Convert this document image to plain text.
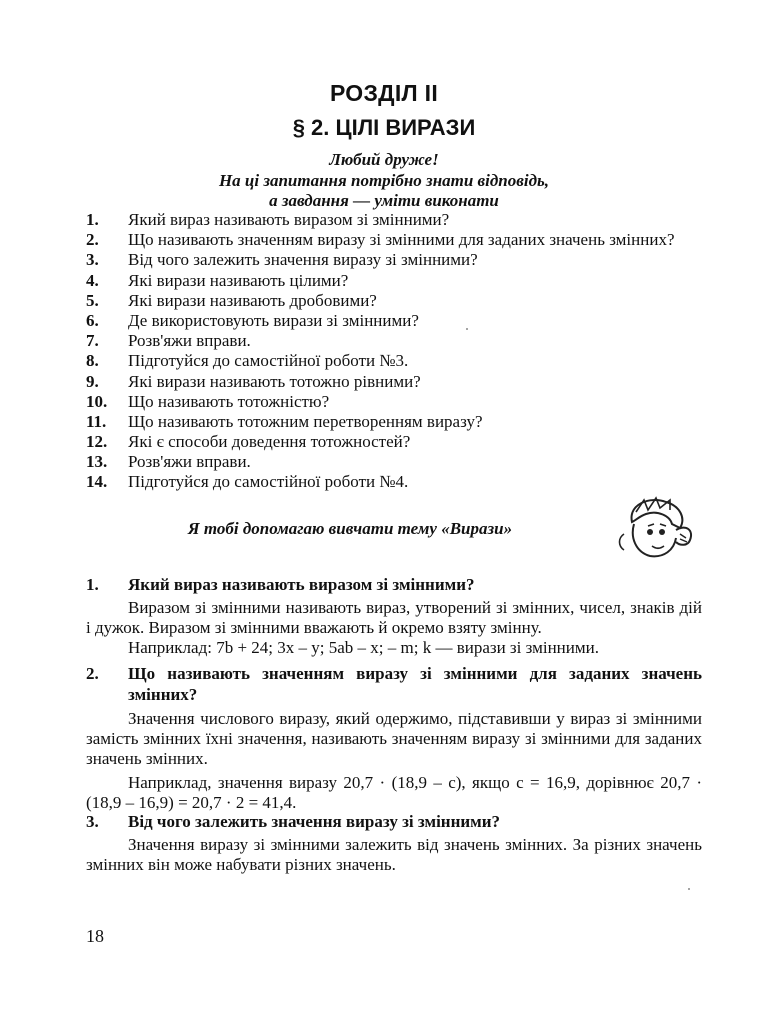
РОЗДІЛ ІІ
§ 2. ЦІЛІ ВИРАЗИ
Любий друже!
На ці запитання потрібно знати відповідь,
а завдання — уміти виконати
1. Який вираз називають виразом зі змінними?
2. Що називають значенням виразу зі змінними для заданих значень змінних?
3. Від чого залежить значення виразу зі змінними?
4. Які вирази називають цілими?
5. Які вирази називають дробовими?
6. Де використовують вирази зі змінними?
7. Розв'яжи вправи.
8. Підготуйся до самостійної роботи №3.
9. Які вирази називають тотожно рівними?
10. Що називають тотожністю?
11. Що називають тотожним перетворенням виразу?
12. Які є способи доведення тотожностей?
13. Розв'яжи вправи.
14. Підготуйся до самостійної роботи №4.
Я тобі допомагаю вивчати тему «Вирази»
1.	Який вираз називають виразом зі змінними?

Виразом зі змінними називають вираз, утворений зі змінних, чисел, знаків дій і дужок. Виразом зі змінними вважають й окремо взяту змінну.

Наприклад: 7b + 24; 3x – y; 5ab – x; – m; k — вирази зі змінними.

2.	Що називають значенням виразу зі змінними для заданих значень змінних?

Значення числового виразу, який одержимо, підставивши у вираз зі змінними замість змінних їхні значення, називають значенням виразу зі змінними для заданих значень змінних.

Наприклад, значення виразу 20,7 · (18,9 – c), якщо c = 16,9, дорівнює 20,7 · (18,9 – 16,9) = 20,7 · 2 = 41,4.

3.	Від чого залежить значення виразу зі змінними?

Значення виразу зі змінними залежить від значень змінних. За різних значень змінних він може набувати різних значень.

18
